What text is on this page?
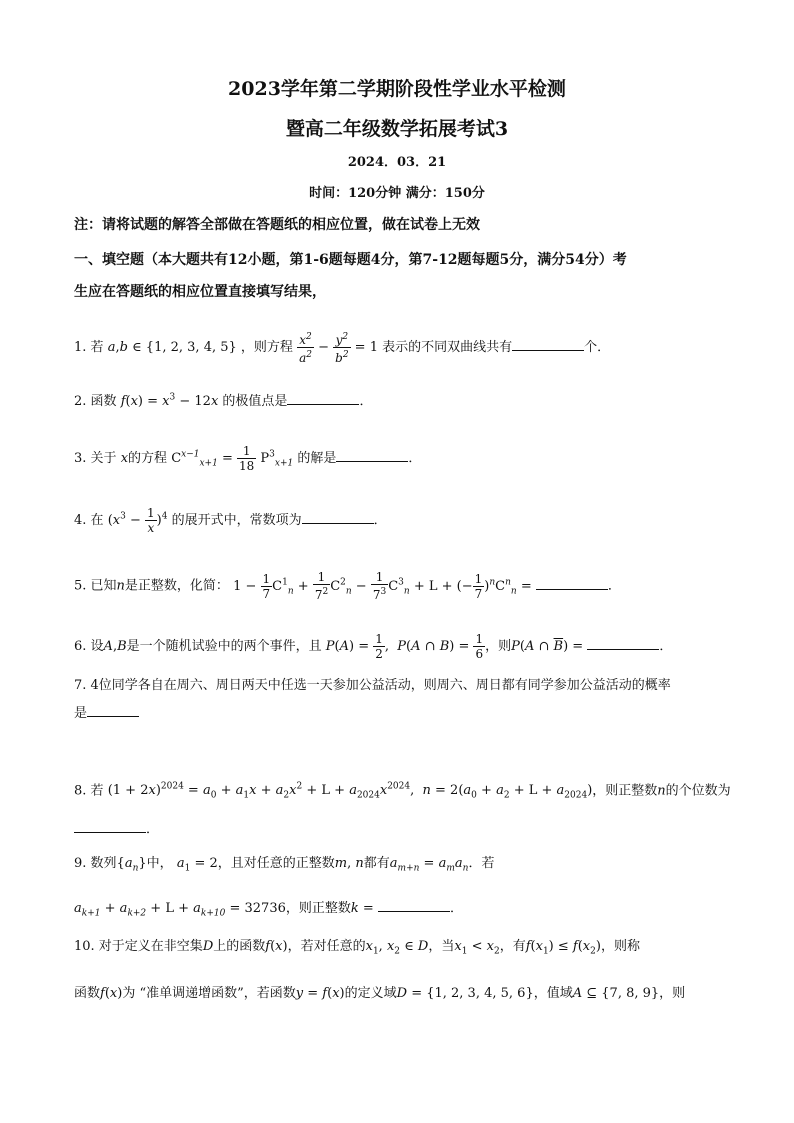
2023学年第二学期阶段性学业水平检测
暨高二年级数学拓展考试3
2024．03．21
时间：120分钟 满分：150分
注：请将试题的解答全部做在答题纸的相应位置，做在试卷上无效
一、填空题（本大题共有12小题，第1-6题每题4分，第7-12题每题5分，满分54分）考
生应在答题纸的相应位置直接填写结果，
1. 若 a,b ∈ {1, 2, 3, 4, 5} ，则方程 $\frac{x^2}{a^2} - \frac{y^2}{b^2} = 1$ 表示的不同双曲线共有	个．
2. 函数 $f(x) = x^3 - 12x$ 的极值点是	．
3. 关于 x的方程 $C^{x-1}_{x+1} = \frac{1}{18} P^3_{x+1}$ 的解是	．
4. 在 $(x^3 - \frac{1}{x} )^4$ 的展开式中，常数项为	．
5. 已知n是正整数，化简： $1 - \frac{1}{7} C^1_n + \frac{1}{7^2} C^2_n - \frac{1}{7^3} C^3_n + L$ + (− $\frac{1}{7} )^nC^n_n$ =	．
6. 设A,B是一个随机试验中的两个事件，且 $P(A) = \frac{1}{2}$ ,  P(A ∩ $B) = \frac{1}{6}$ ，则P(A ∩ $\overline{B}$) =	．
7. 4位同学各自在周六、周日两天中任选一天参加公益活动，则周六、周日都有同学参加公益活动的概率
是
8. 若 $(1 + 2x)^{2024} = a_0 + a_1x + a_2x^2 + L + a_{2024}x^{2024}$,  $n = 2(a_0 + a_2 + L + a_{2024})$，则正整数n的个位数为
．
9. 数列$\{a_n\}$中， $a_1 = 2$，且对任意的正整数m, n都有$a_{m+n} = a_ma_n$．若
$a_{k+1} + a_{k+2} + L + a_{k+10} = 32736$，则正整数k =	．
10. 对于定义在非空集D上的函数f(x)，若对任意的$x_1$, $x_2$ ∈ D，当$x_1 < x_2$，有$f(x_1) \le f(x_2)$，则称
函数f(x)为 “准单调递增函数”，若函数y = f(x)的定义域D = {1, 2, 3, 4, 5, 6}，值域A ⊆ {7, 8, 9}，则
